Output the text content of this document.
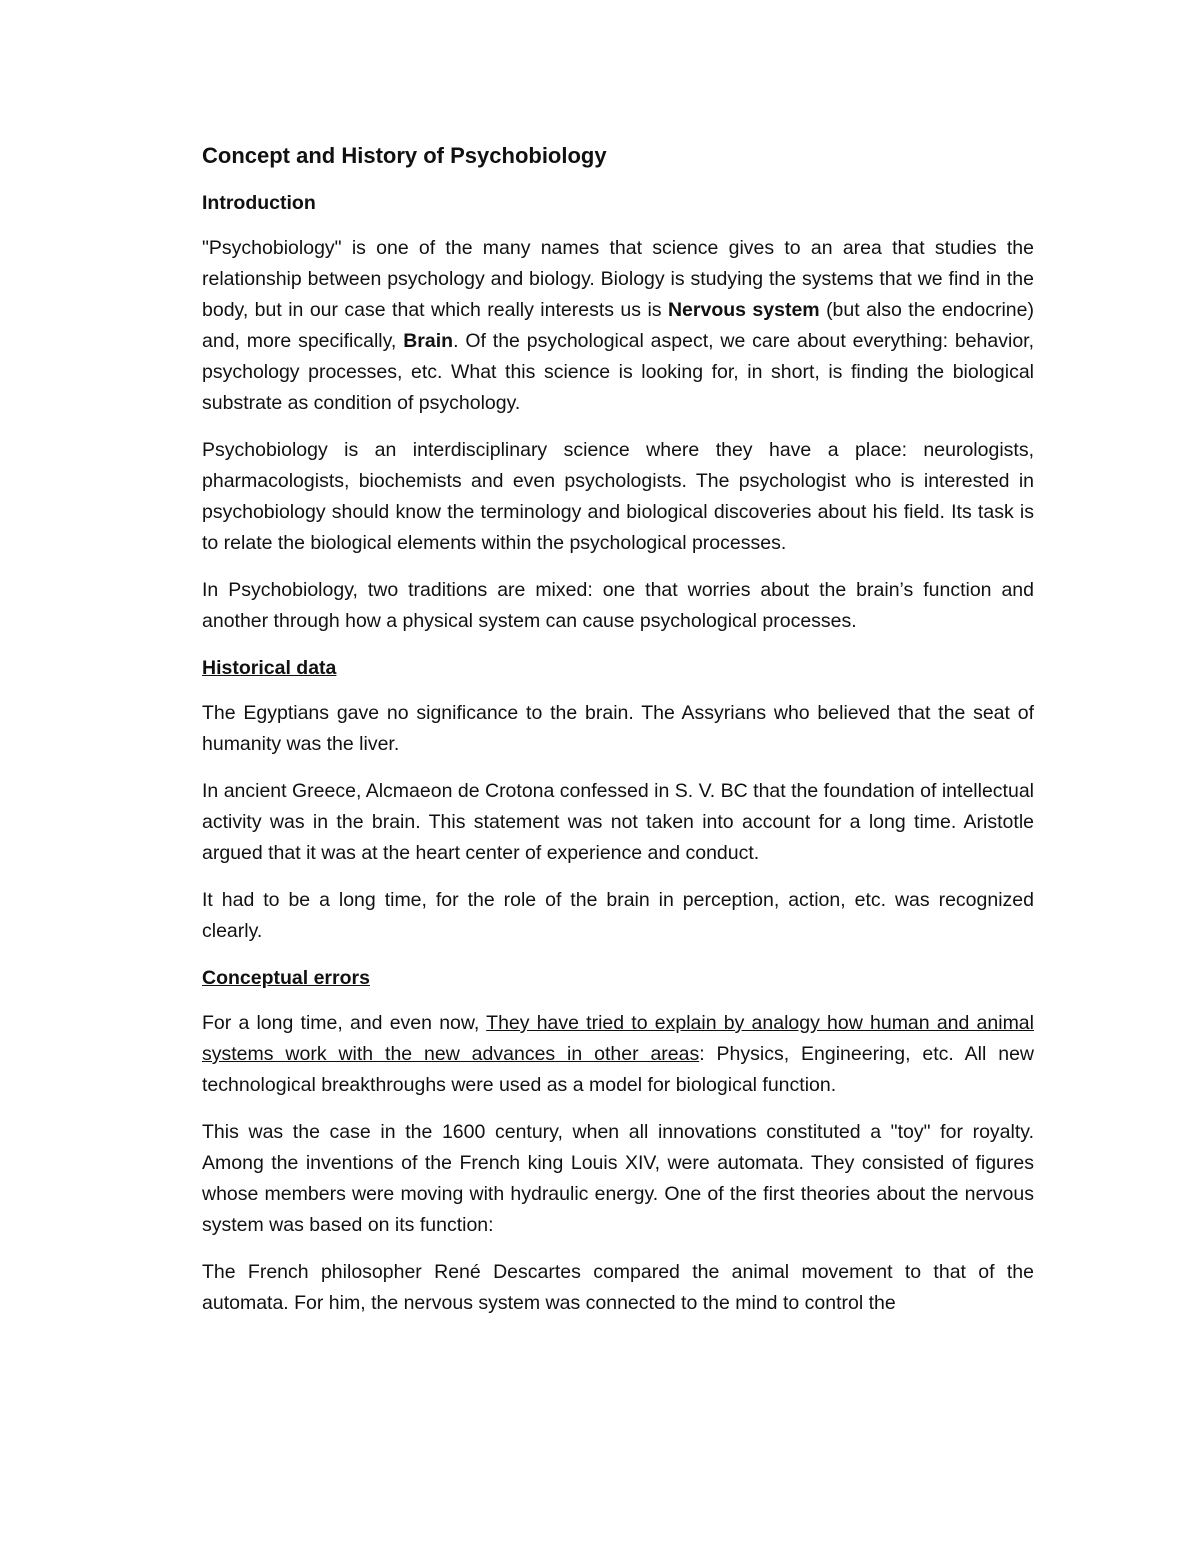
Concept and History of Psychobiology
Introduction

"Psychobiology" is one of the many names that science gives to an area that studies the relationship between psychology and biology. Biology is studying the systems that we find in the body, but in our case that which really interests us is Nervous system (but also the endocrine) and, more specifically, Brain. Of the psychological aspect, we care about everything: behavior, psychology processes, etc. What this science is looking for, in short, is finding the biological substrate as condition of psychology.

Psychobiology is an interdisciplinary science where they have a place: neurologists, pharmacologists, biochemists and even psychologists. The psychologist who is interested in psychobiology should know the terminology and biological discoveries about his field. Its task is to relate the biological elements within the psychological processes.

In Psychobiology, two traditions are mixed: one that worries about the brain’s function and another through how a physical system can cause psychological processes.

Historical data

The Egyptians gave no significance to the brain. The Assyrians who believed that the seat of humanity was the liver.

In ancient Greece, Alcmaeon de Crotona confessed in S. V. BC that the foundation of intellectual activity was in the brain. This statement was not taken into account for a long time. Aristotle argued that it was at the heart center of experience and conduct.

It had to be a long time, for the role of the brain in perception, action, etc. was recognized clearly.

Conceptual errors

For a long time, and even now, They have tried to explain by analogy how human and animal systems work with the new advances in other areas: Physics, Engineering, etc. All new technological breakthroughs were used as a model for biological function.

This was the case in the 1600 century, when all innovations constituted a "toy" for royalty. Among the inventions of the French king Louis XIV, were automata. They consisted of figures whose members were moving with hydraulic energy. One of the first theories about the nervous system was based on its function:

The French philosopher René Descartes compared the animal movement to that of the automata. For him, the nervous system was connected to the mind to control the
